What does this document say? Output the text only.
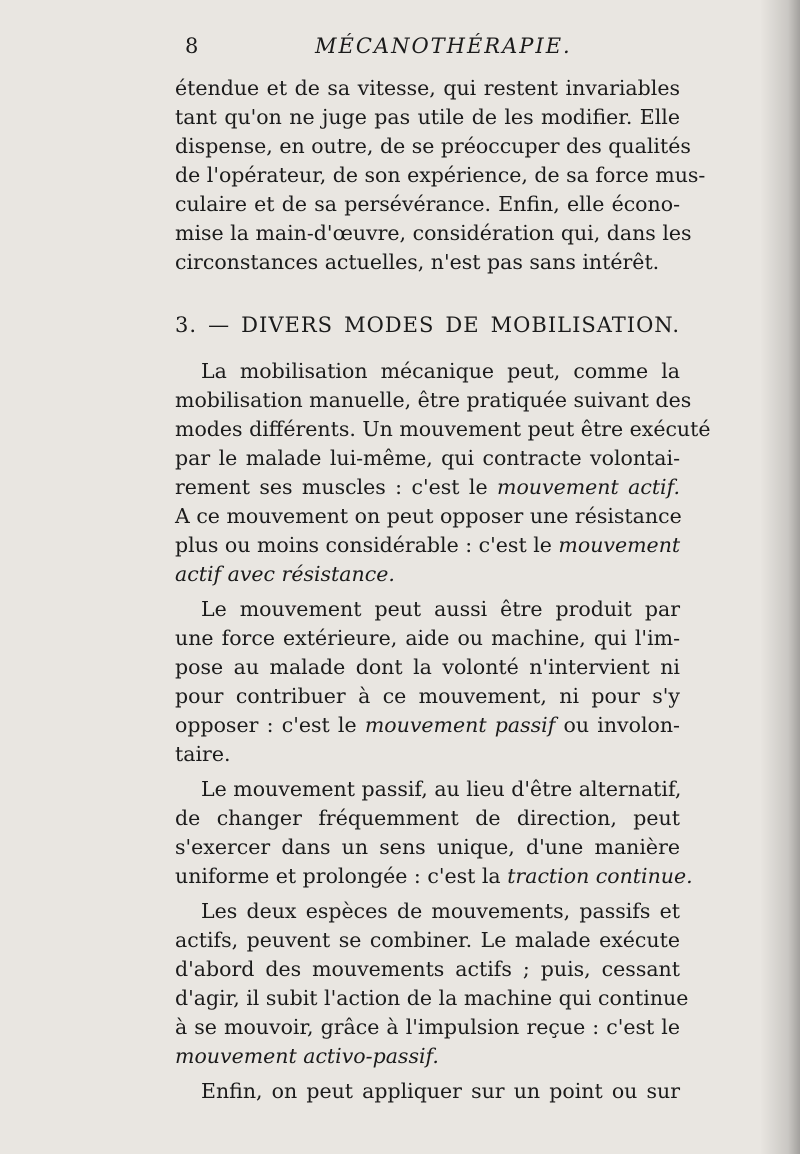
8	MÉCANOTHÉRAPIE.
étendue et de sa vitesse, qui restent invariables
tant qu'on ne juge pas utile de les modifier. Elle
dispense, en outre, de se préoccuper des qualités
de l'opérateur, de son expérience, de sa force mus-
culaire et de sa persévérance. Enfin, elle écono-
mise la main-d'œuvre, considération qui, dans les
circonstances actuelles, n'est pas sans intérêt.
3. — DIVERS MODES DE MOBILISATION.
La mobilisation mécanique peut, comme la
mobilisation manuelle, être pratiquée suivant des
modes différents. Un mouvement peut être exécuté
par le malade lui-même, qui contracte volontai-
rement ses muscles : c'est le mouvement actif.
A ce mouvement on peut opposer une résistance
plus ou moins considérable : c'est le mouvement
actif avec résistance.
Le mouvement peut aussi être produit par
une force extérieure, aide ou machine, qui l'im-
pose au malade dont la volonté n'intervient ni
pour contribuer à ce mouvement, ni pour s'y
opposer : c'est le mouvement passif ou involon-
taire.
Le mouvement passif, au lieu d'être alternatif,
de changer fréquemment de direction, peut
s'exercer dans un sens unique, d'une manière
uniforme et prolongée : c'est la traction continue.
Les deux espèces de mouvements, passifs et
actifs, peuvent se combiner. Le malade exécute
d'abord des mouvements actifs ; puis, cessant
d'agir, il subit l'action de la machine qui continue
à se mouvoir, grâce à l'impulsion reçue : c'est le
mouvement activo-passif.
Enfin, on peut appliquer sur un point ou sur
